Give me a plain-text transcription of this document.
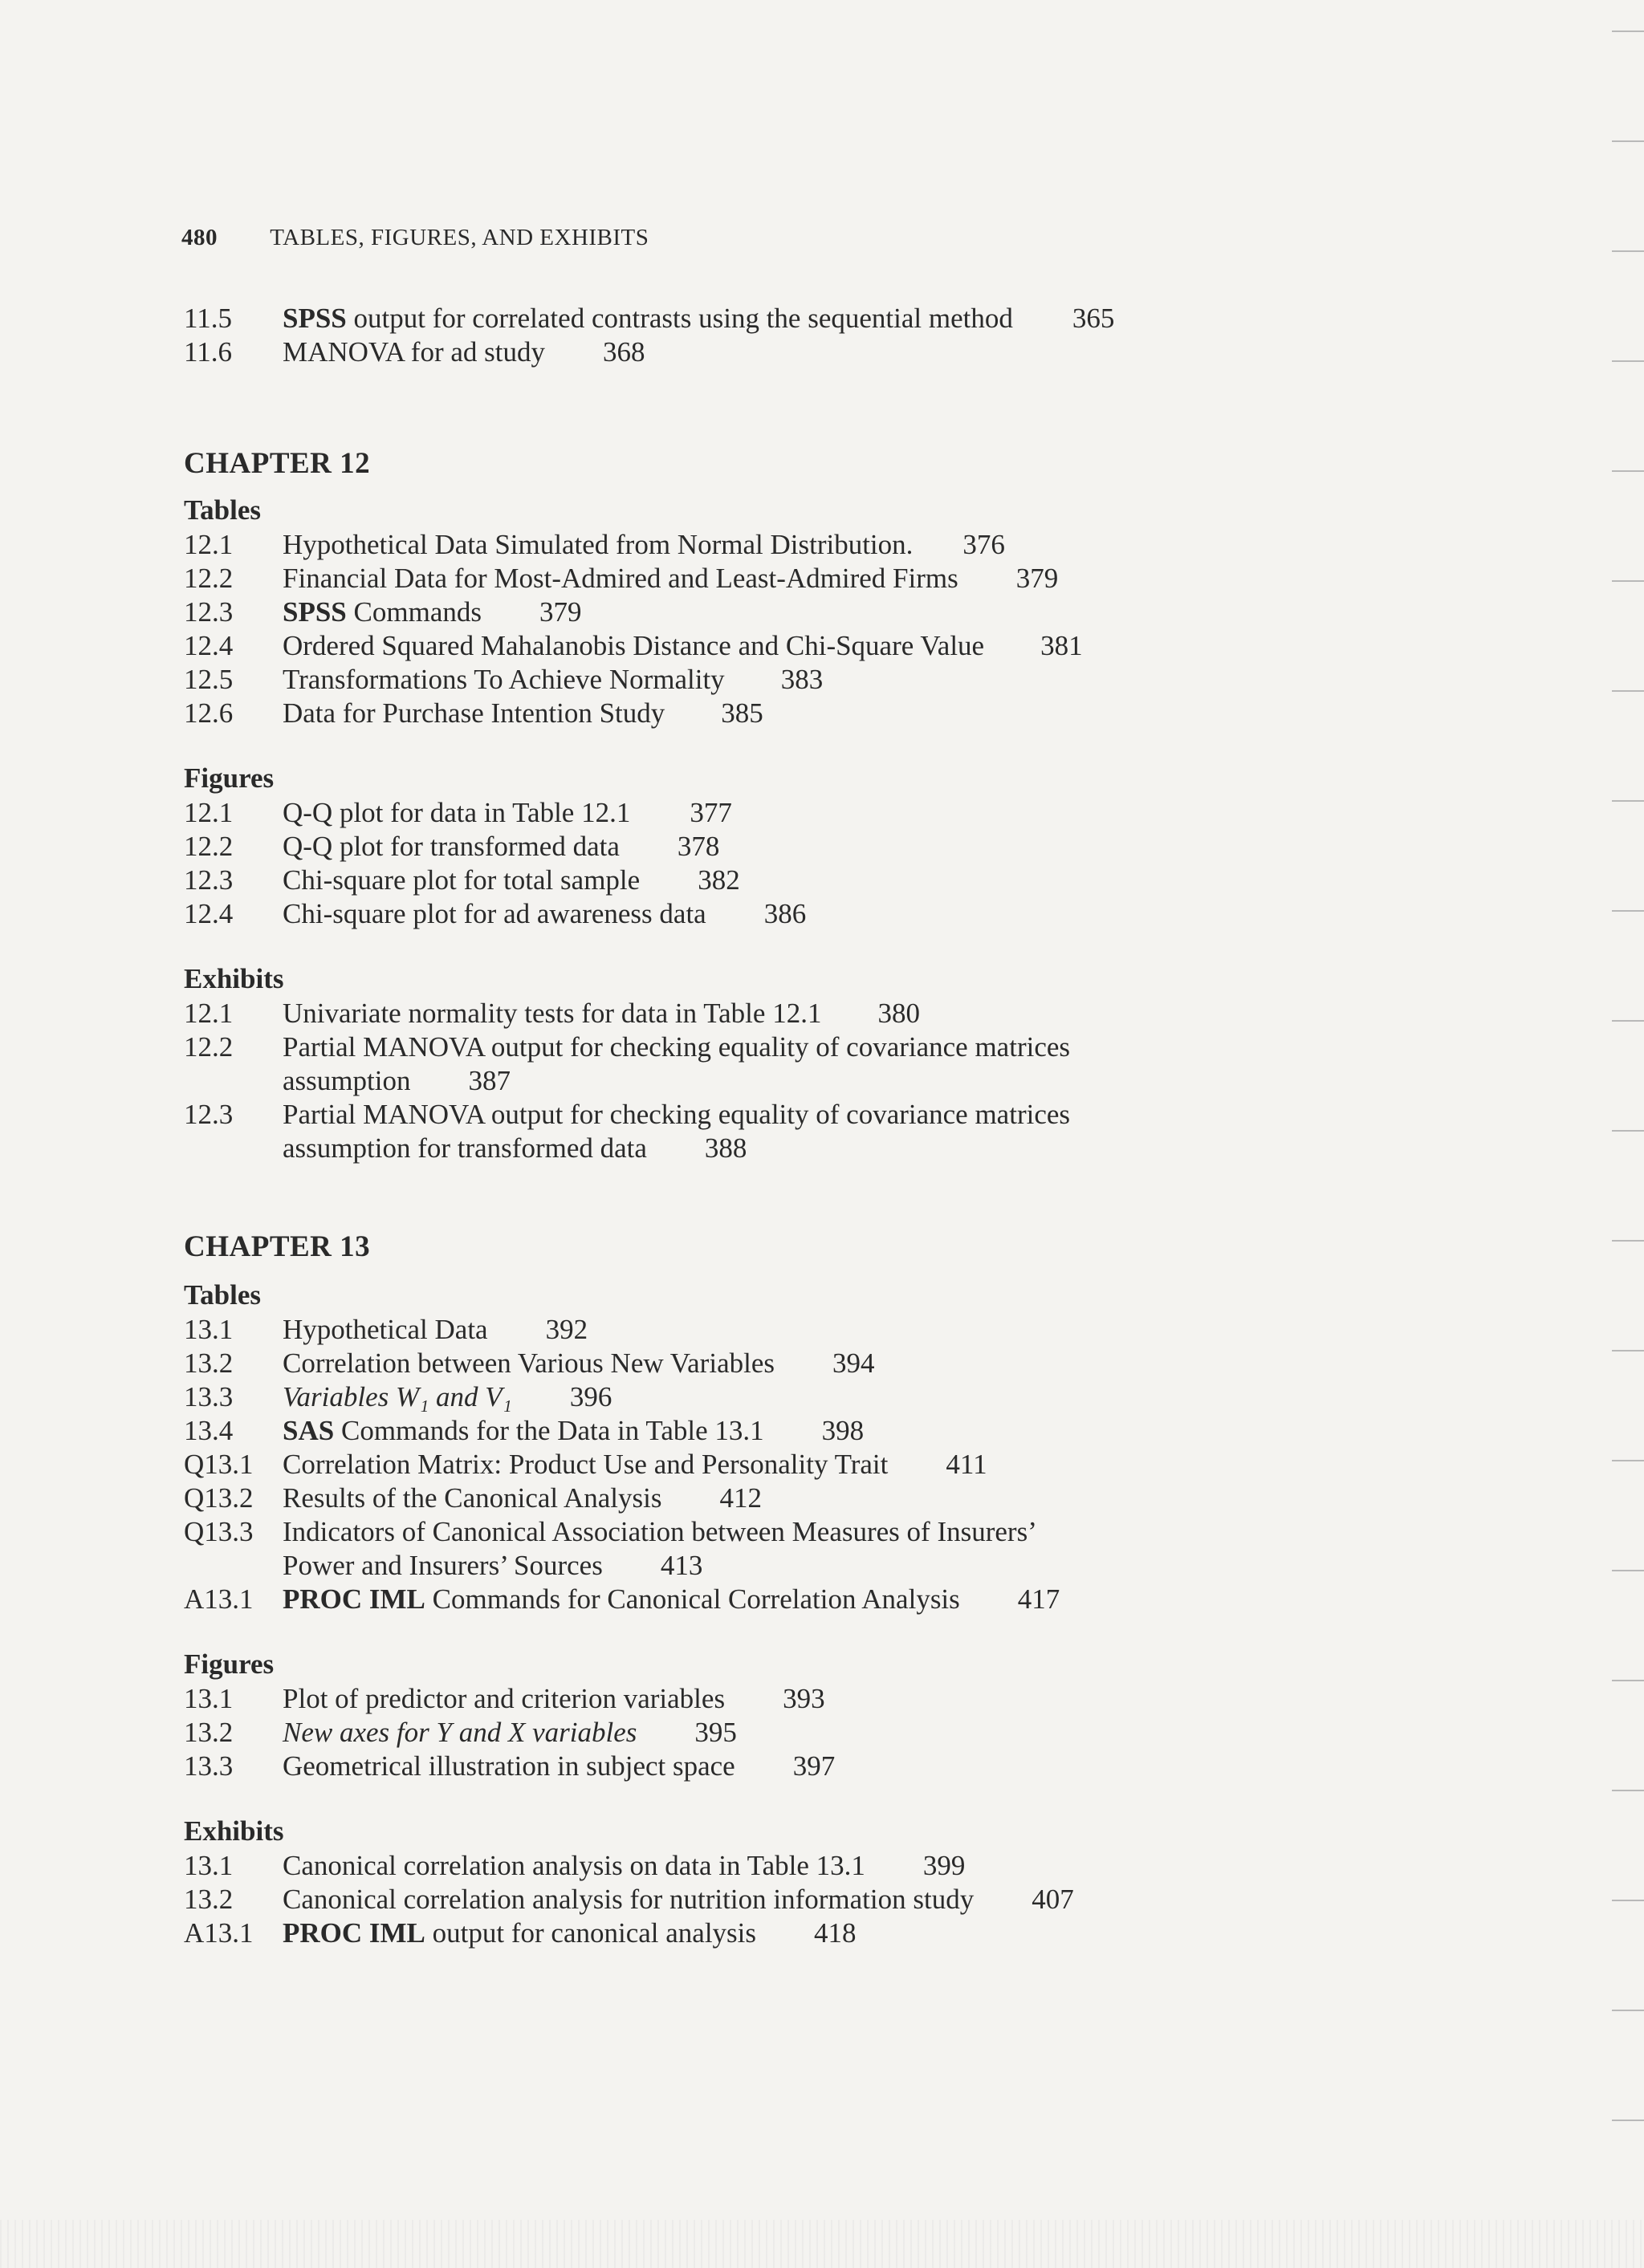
480 TABLES, FIGURES, AND EXHIBITS
11.5 SPSS output for correlated contrasts using the sequential method 365
11.6 MANOVA for ad study 368
CHAPTER 12
Tables
12.1 Hypothetical Data Simulated from Normal Distribution. 376
12.2 Financial Data for Most-Admired and Least-Admired Firms 379
12.3 SPSS Commands 379
12.4 Ordered Squared Mahalanobis Distance and Chi-Square Value 381
12.5 Transformations To Achieve Normality 383
12.6 Data for Purchase Intention Study 385
Figures
12.1 Q-Q plot for data in Table 12.1 377
12.2 Q-Q plot for transformed data 378
12.3 Chi-square plot for total sample 382
12.4 Chi-square plot for ad awareness data 386
Exhibits
12.1 Univariate normality tests for data in Table 12.1 380
12.2 Partial MANOVA output for checking equality of covariance matrices
assumption 387
12.3 Partial MANOVA output for checking equality of covariance matrices
assumption for transformed data 388
CHAPTER 13
Tables
13.1 Hypothetical Data 392
13.2 Correlation between Various New Variables 394
13.3 Variables W₁ and V₁ 396
13.4 SAS Commands for the Data in Table 13.1 398
Q13.1 Correlation Matrix: Product Use and Personality Trait 411
Q13.2 Results of the Canonical Analysis 412
Q13.3 Indicators of Canonical Association between Measures of Insurers’
Power and Insurers’ Sources 413
A13.1 PROC IML Commands for Canonical Correlation Analysis 417
Figures
13.1 Plot of predictor and criterion variables 393
13.2 New axes for Y and X variables 395
13.3 Geometrical illustration in subject space 397
Exhibits
13.1 Canonical correlation analysis on data in Table 13.1 399
13.2 Canonical correlation analysis for nutrition information study 407
A13.1 PROC IML output for canonical analysis 418
